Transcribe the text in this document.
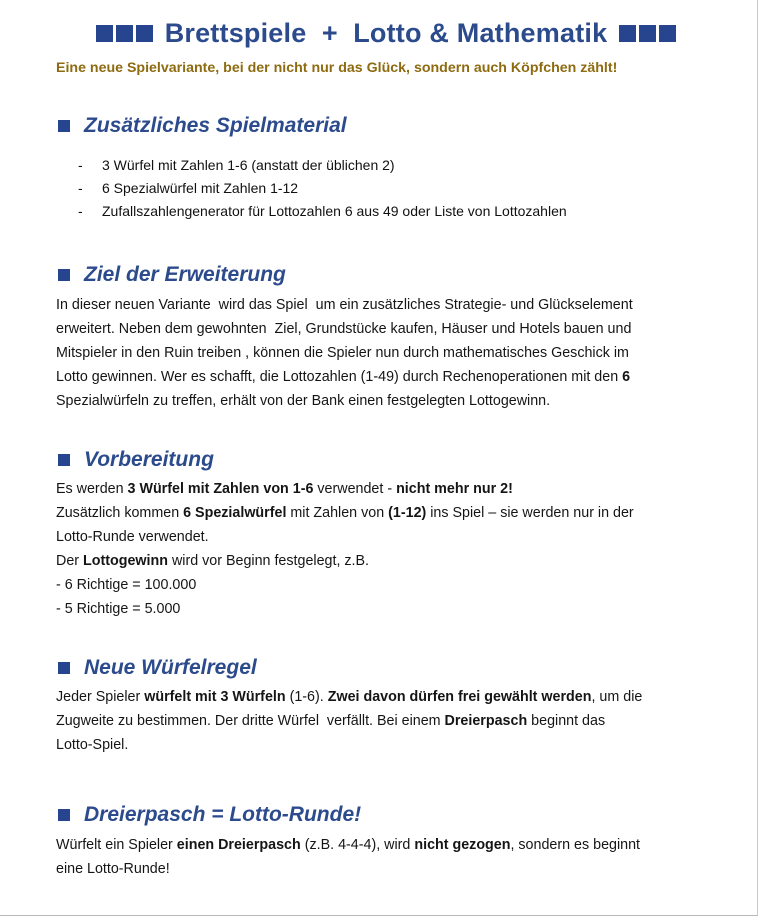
Brettspiele  +  Lotto & Mathematik
Eine neue Spielvariante, bei der nicht nur das Glück, sondern auch Köpfchen zählt!
Zusätzliches Spielmaterial
- 3 Würfel mit Zahlen 1-6 (anstatt der üblichen 2)
- 6 Spezialwürfel mit Zahlen 1-12
- Zufallszahlengenerator für Lottozahlen 6 aus 49 oder Liste von Lottozahlen
Ziel der Erweiterung
In dieser neuen Variante  wird das Spiel  um ein zusätzliches Strategie- und Glückselement
erweitert. Neben dem gewohnten  Ziel, Grundstücke kaufen, Häuser und Hotels bauen und
Mitspieler in den Ruin treiben , können die Spieler nun durch mathematisches Geschick im
Lotto gewinnen. Wer es schafft, die Lottozahlen (1-49) durch Rechenoperationen mit den 6
Spezialwürfeln zu treffen, erhält von der Bank einen festgelegten Lottogewinn.
Vorbereitung
Es werden 3 Würfel mit Zahlen von 1-6 verwendet - nicht mehr nur 2!
Zusätzlich kommen 6 Spezialwürfel mit Zahlen von (1-12) ins Spiel – sie werden nur in der
Lotto-Runde verwendet.
Der Lottogewinn wird vor Beginn festgelegt, z.B.
- 6 Richtige = 100.000
- 5 Richtige = 5.000
Neue Würfelregel
Jeder Spieler würfelt mit 3 Würfeln (1-6). Zwei davon dürfen frei gewählt werden, um die
Zugweite zu bestimmen. Der dritte Würfel  verfällt. Bei einem Dreierpasch beginnt das
Lotto-Spiel.
Dreierpasch = Lotto-Runde!
Würfelt ein Spieler einen Dreierpasch (z.B. 4-4-4), wird nicht gezogen, sondern es beginnt
eine Lotto-Runde!
